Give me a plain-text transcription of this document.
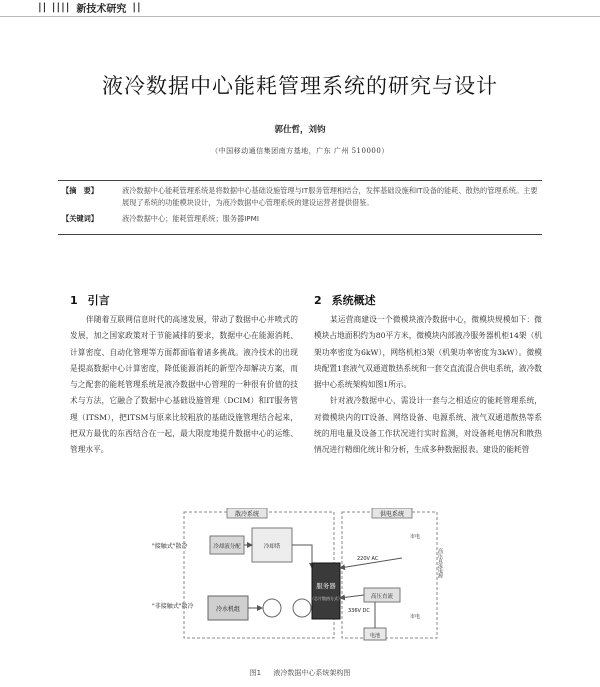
|| |||| 新技术研究 ||
液冷数据中心能耗管理系统的研究与设计
郭仕哲，刘钧
（中国移动通信集团南方基地，广东 广州 510000）
【摘　要】	液冷数据中心能耗管理系统是将数据中心基础设施管理与IT服务管理相结合，发挥基础设施和IT设备的能耗、散热的管理系统。主要展现了系统的功能模块设计，为液冷数据中心管理系统的建设运营者提供借鉴。
【关键词】	液冷数据中心；能耗管理系统；服务器IPMI
1 引言

伴随着互联网信息时代的高速发展，带动了数据中心井喷式的发展，加之国家政策对于节能减排的要求，数据中心在能源消耗、计算密度、自动化管理等方面都面临着诸多挑战。液冷技术的出现是提高数据中心计算密度，降低能源消耗的新型冷却解决方案，而与之配套的能耗管理系统是液冷数据中心管理的一种很有价值的技术与方法，它融合了数据中心基础设施管理（DCIM）和IT服务管理（ITSM），把ITSM与原来比较粗放的基础设施管理结合起来，把双方最优的东西结合在一起，最大限度地提升数据中心的运维、管理水平。

2 系统概述

某运营商建设一个微模块液冷数据中心，微模块规模如下：微模块占地面积约为80平方米，微模块内部液冷服务器机柜14架（机架功率密度为6kW），网络机柜3架（机架功率密度为3kW）。微模块配置1套液气双通道散热系统和一套交直流混合供电系统，液冷数据中心系统架构如图1所示。

针对液冷数据中心，需设计一套与之相适应的能耗管理系统，对微模块内的IT设备、网络设备、电源系统、液气双通道散热等系统的用电量及设备工作状况进行实时监测，对设备耗电情况和散热情况进行精细化统计和分析，生成多种数据报表。建设的能耗管

散冷系统	供电系统
"接触式"散冷
"非接触式"散冷
冷却液分配	冷却塔
冷水机组
服务器
（芯片散热方式）
220V AC
高压直流
336V DC
电池
市电
市电
高压直流电源
图1 液冷数据中心系统架构图
